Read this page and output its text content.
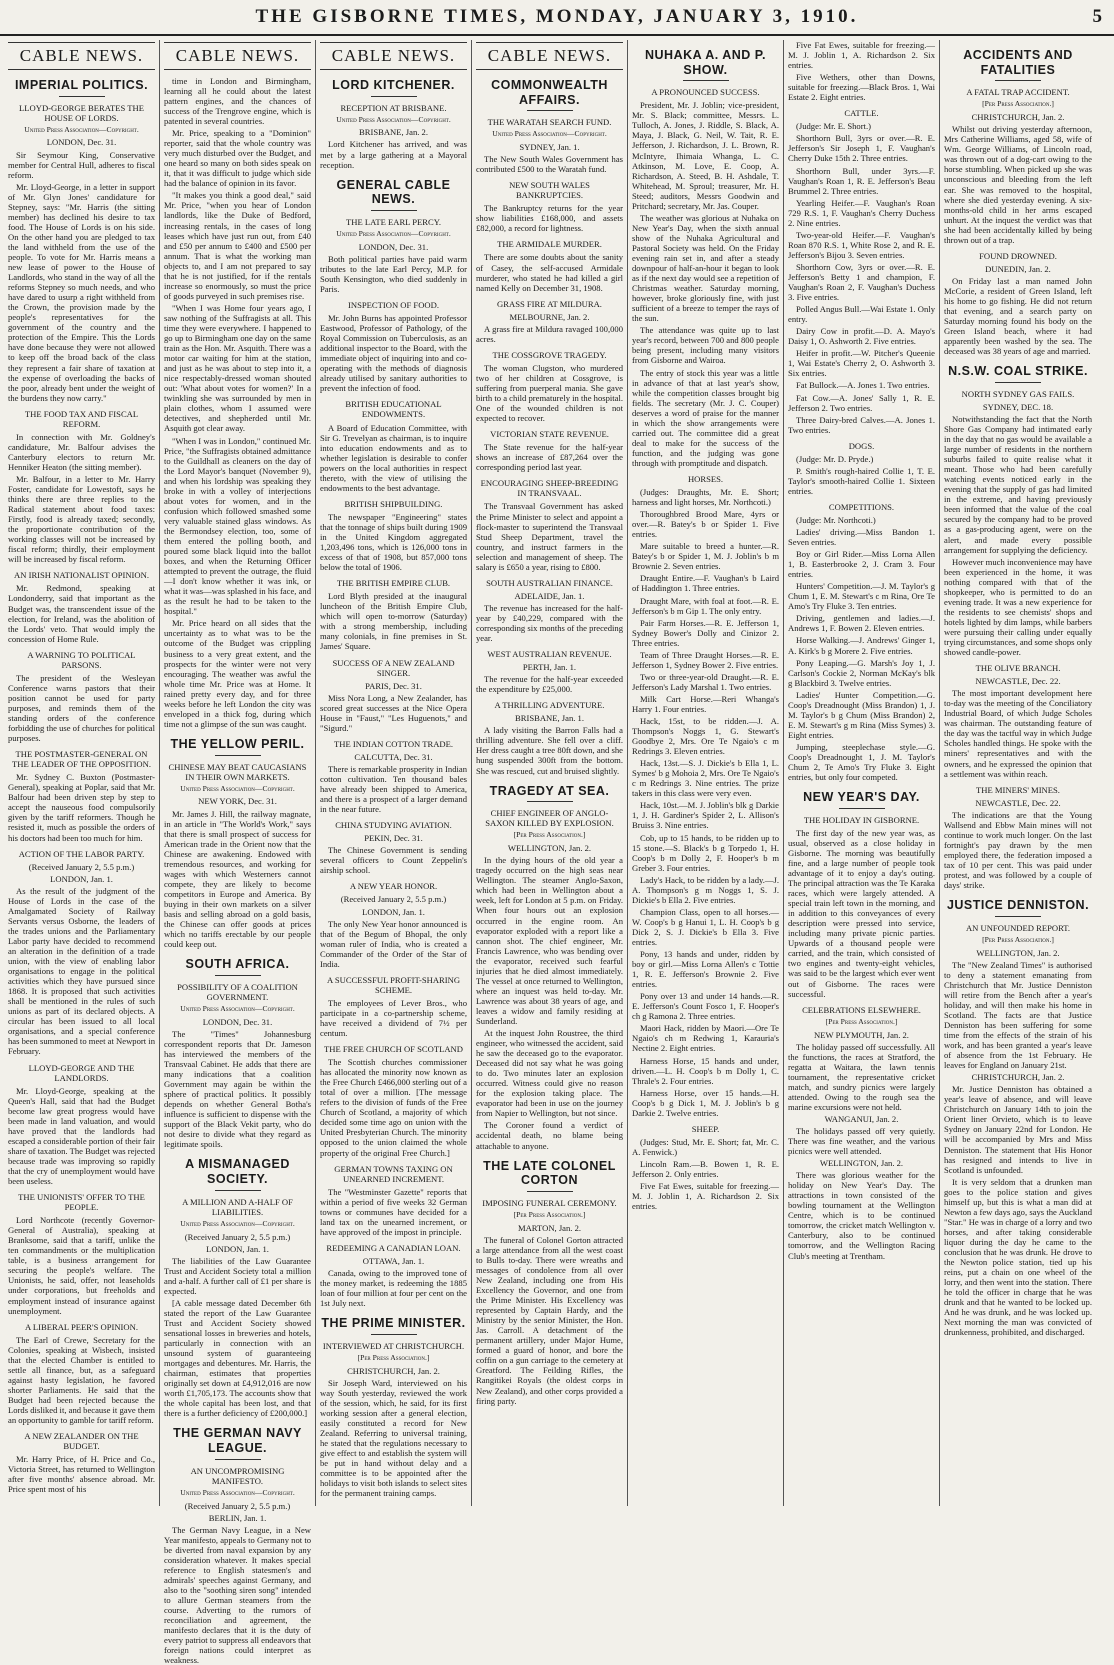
THE GISBORNE TIMES, MONDAY, JANUARY 3, 1910.	5
CABLE NEWS.
IMPERIAL POLITICS.
LLOYD-GEORGE BERATES THE HOUSE OF LORDS.
United Press Association—Copyright.
LONDON, Dec. 31.

Sir Seymour King, Conservative member for Central Hull, adheres to fiscal reform.

Mr. Lloyd-George, in a letter in support of Mr. Glyn Jones' candidature for Stepney, says: "Mr. Harris (the sitting member) has declined his desire to tax food. The House of Lords is on his side. On the other hand you are pledged to tax the land withheld from the use of the people. To vote for Mr. Harris means a new lease of power to the House of Landlords, who stand in the way of all the reforms Stepney so much needs, and who have dared to usurp a right withheld from the Crown, the provision made by the people's representatives for the government of the country and the protection of the Empire. This the Lords have done because they were not allowed to keep off the broad back of the class they represent a fair share of taxation at the expense of overloading the backs of the poor, already bent under the weight of the burdens they now carry."

THE FOOD TAX AND FISCAL REFORM.

In connection with Mr. Goldney's candidature, Mr. Balfour advises the Canterbury electors to return Mr. Henniker Heaton (the sitting member).

Mr. Balfour, in a letter to Mr. Harry Foster, candidate for Lowestoft, says he thinks there are three replies to the Radical statement about food taxes: Firstly, food is already taxed; secondly, the proportionate contribution of the working classes will not be increased by fiscal reform; thirdly, their employment will be increased by fiscal reform.

AN IRISH NATIONALIST OPINION.

Mr. Redmond, speaking at Londonderry, said that important as the Budget was, the transcendent issue of the election, for Ireland, was the abolition of the Lords' veto. That would imply the concession of Home Rule.

A WARNING TO POLITICAL PARSONS.

The president of the Wesleyan Conference warns pastors that their position cannot be used for party purposes, and reminds them of the standing orders of the conference forbidding the use of churches for political purposes.

THE POSTMASTER-GENERAL ON THE LEADER OF THE OPPOSITION.

Mr. Sydney C. Buxton (Postmaster-General), speaking at Poplar, said that Mr. Balfour had been driven step by step to accept the nauseous food compulsorily given by the tariff reformers. Though he resisted it, much as possible the orders of his doctors had been too much for him.

ACTION OF THE LABOR PARTY.
(Received January 2, 5.5 p.m.)
LONDON, Jan. 1.

As the result of the judgment of the House of Lords in the case of the Amalgamated Society of Railway Servants versus Osborne, the leaders of the trades unions and the Parliamentary Labor party have decided to recommend an alteration in the definition of a trade union, with the view of enabling labor organisations to engage in the political activities which they have pursued since 1868. It is proposed that such activities shall be mentioned in the rules of such unions as part of its declared objects. A circular has been issued to all local organisations, and a special conference has been summoned to meet at Newport in February.

LLOYD-GEORGE AND THE LANDLORDS.

Mr. Lloyd-George, speaking at the Queen's Hall, said that had the Budget become law great progress would have been made in land valuation, and would have proved that the landlords had escaped a considerable portion of their fair share of taxation. The Budget was rejected because trade was improving so rapidly that the cry of unemployment would have been useless.

THE UNIONISTS' OFFER TO THE PEOPLE.

Lord Northcote (recently Governor-General of Australia), speaking at Branksome, said that a tariff, unlike the ten commandments or the multiplication table, is a business arrangement for securing the people's welfare. The Unionists, he said, offer, not leaseholds under corporations, but freeholds and employment instead of insurance against unemployment.

A LIBERAL PEER'S OPINION.

The Earl of Crewe, Secretary for the Colonies, speaking at Wisbech, insisted that the elected Chamber is entitled to settle all finance, but, as a safeguard against hasty legislation, he favored shorter Parliaments. He said that the Budget had been rejected because the Lords disliked it, and because it gave them an opportunity to gamble for tariff reform.

A NEW ZEALANDER ON THE BUDGET.

Mr. Harry Price, of H. Price and Co., Victoria Street, has returned to Wellington after five months' absence abroad. Mr. Price spent most of his

CABLE NEWS.

time in London and Birmingham, learning all he could about the latest pattern engines, and the chances of success of the Trengrove engine, which is patented in several countries.

Mr. Price, speaking to a "Dominion" reporter, said that the whole country was very much disturbed over the Budget, and one heard so many on both sides speak on it, that it was difficult to judge which side had the balance of opinion in its favor.

"It makes you think a good deal," said Mr. Price, "when you hear of London landlords, like the Duke of Bedford, increasing rentals, in the cases of long leases which have just run out, from £40 and £50 per annum to £400 and £500 per annum. That is what the working man objects to, and I am not prepared to say that he is not justified, for if the rentals increase so enormously, so must the price of goods purveyed in such premises rise.

"When I was Home four years ago, I saw nothing of the Suffragists at all. This time they were everywhere. I happened to go up to Birmingham one day on the same train as the Hon. Mr. Asquith. There was a motor car waiting for him at the station, and just as he was about to step into it, a nice respectably-dressed woman shouted out: 'What about votes for women?' In a twinkling she was surrounded by men in plain clothes, whom I assumed were detectives, and shepherded until Mr. Asquith got clear away.

"When I was in London," continued Mr. Price, "the Suffragists obtained admittance to the Guildhall as cleaners on the day of the Lord Mayor's banquet (November 9), and when his lordship was speaking they broke in with a volley of interjections about votes for women, and in the confusion which followed smashed some very valuable stained glass windows. As the Bermondsey election, too, some of them entered the polling booth, and poured some black liquid into the ballot boxes, and when the Returning Officer attempted to prevent the outrage, the fluid—I don't know whether it was ink, or what it was—was splashed in his face, and as the result he had to be taken to the hospital."

Mr. Price heard on all sides that the uncertainty as to what was to be the outcome of the Budget was crippling business to a very great extent, and the prospects for the winter were not very encouraging. The weather was awful the whole time Mr. Price was at Home. It rained pretty every day, and for three weeks before he left London the city was enveloped in a thick fog, during which time not a glimpse of the sun was caught.

THE YELLOW PERIL.
CHINESE MAY BEAT CAUCASIANS IN THEIR OWN MARKETS.
United Press Association—Copyright.
NEW YORK, Dec. 31.

Mr. James J. Hill, the railway magnate, in an article in "The World's Work," says that there is small prospect of success for American trade in the Orient now that the Chinese are awakening. Endowed with tremendous resources, and working for wages with which Westerners cannot compete, they are likely to become competitors in Europe and America. By buying in their own markets on a silver basis and selling abroad on a gold basis, the Chinese can offer goods at prices which no tariffs erectable by our people could keep out.

SOUTH AFRICA.
POSSIBILITY OF A COALITION GOVERNMENT.
United Press Association—Copyright.
LONDON, Dec. 31.

The "Times" Johannesburg correspondent reports that Dr. Jameson has interviewed the members of the Transvaal Cabinet. He adds that there are many indications that a coalition Government may again be within the sphere of practical politics. It possibly depends on whether General Botha's influence is sufficient to dispense with the support of the Black Vekit party, who do not desire to divide what they regard as legitimate spoils.

A MISMANAGED SOCIETY.
A MILLION AND A-HALF OF LIABILITIES.
United Press Association—Copyright.
(Received January 2, 5.5 p.m.)
LONDON, Jan. 1.

The liabilities of the Law Guarantee Trust and Accident Society total a million and a-half. A further call of £1 per share is expected.

[A cable message dated December 6th stated the report of the Law Guarantee Trust and Accident Society showed sensational losses in breweries and hotels, particularly in connection with an unsound system of guaranteeing mortgages and debentures. Mr. Harris, the chairman, estimates that properties originally set down at £4,912,016 are now worth £1,705,173. The accounts show that the whole capital has been lost, and that there is a further deficiency of £200,000.]

THE GERMAN NAVY LEAGUE.
AN UNCOMPROMISING MANIFESTO.
United Press Association—Copyright.
(Received January 2, 5.5 p.m.)
BERLIN, Jan. 1.

The German Navy League, in a New Year manifesto, appeals to Germany not to be diverted from naval expansion by any consideration whatever. It makes special reference to English statesmen's and admirals' speeches against Germany, and also to the "soothing siren song" intended to allure German steamers from the course. Adverting to the rumors of reconciliation and agreement, the manifesto declares that it is the duty of every patriot to suppress all endeavors that foreign nations could interpret as weakness.

CABLE NEWS.
LORD KITCHENER.
RECEPTION AT BRISBANE.
United Press Association—Copyright.
BRISBANE, Jan. 2.

Lord Kitchener has arrived, and was met by a large gathering at a Mayoral reception.

GENERAL CABLE NEWS.
THE LATE EARL PERCY.
United Press Association—Copyright.
LONDON, Dec. 31.

Both political parties have paid warm tributes to the late Earl Percy, M.P. for South Kensington, who died suddenly in Paris.

INSPECTION OF FOOD.

Mr. John Burns has appointed Professor Eastwood, Professor of Pathology, of the Royal Commission on Tuberculosis, as an additional inspector to the Board, with the immediate object of inquiring into and co-operating with the methods of diagnosis already utilised by sanitary authorities to prevent the infection of food.

BRITISH EDUCATIONAL ENDOWMENTS.

A Board of Education Committee, with Sir G. Trevelyan as chairman, is to inquire into education endowments and as to whether legislation is desirable to confer powers on the local authorities in respect thereto, with the view of utilising the endowments to the best advantage.

BRITISH SHIPBUILDING.

The newspaper "Engineering" states that the tonnage of ships built during 1909 in the United Kingdom aggregated 1,203,496 tons, which is 126,000 tons in excess of that of 1908, but 857,000 tons below the total of 1906.

THE BRITISH EMPIRE CLUB.

Lord Blyth presided at the inaugural luncheon of the British Empire Club, which will open to-morrow (Saturday) with a strong membership, including many colonials, in fine premises in St. James' Square.

SUCCESS OF A NEW ZEALAND SINGER.
PARIS, Dec. 31.

Miss Nora Long, a New Zealander, has scored great successes at the Nice Opera House in "Faust," "Les Huguenots," and "Sigurd."

THE INDIAN COTTON TRADE.
CALCUTTA, Dec. 31.

There is remarkable prosperity in Indian cotton cultivation. Ten thousand bales have already been shipped to America, and there is a prospect of a larger demand in the near future.

CHINA STUDYING AVIATION.
PEKIN, Dec. 31.

The Chinese Government is sending several officers to Count Zeppelin's airship school.

A NEW YEAR HONOR.
(Received January 2, 5.5 p.m.)
LONDON, Jan. 1.

The only New Year honor announced is that of the Begum of Bhopal, the only woman ruler of India, who is created a Commander of the Order of the Star of India.

A SUCCESSFUL PROFIT-SHARING SCHEME.

The employees of Lever Bros., who participate in a co-partnership scheme, have received a dividend of 7½ per centum.

THE FREE CHURCH OF SCOTLAND

The Scottish churches commissioner has allocated the minority now known as the Free Church £466,000 sterling out of a total of over a million. [The message refers to the division of funds of the Free Church of Scotland, a majority of which decided some time ago on union with the United Presbyterian Church. The minority opposed to the union claimed the whole property of the original Free Church.]

GERMAN TOWNS TAXING ON UNEARNED INCREMENT.

The "Westminster Gazette" reports that within a period of five weeks 32 German towns or communes have decided for a land tax on the unearned increment, or have approved of the impost in principle.

REDEEMING A CANADIAN LOAN.
OTTAWA, Jan. 1.

Canada, owing to the improved tone of the money market, is redeeming the 1885 loan of four million at four per cent on the 1st July next.

THE PRIME MINISTER.
INTERVIEWED AT CHRISTCHURCH.
[Per Press Association.]
CHRISTCHURCH, Jan. 2.

Sir Joseph Ward, interviewed on his way South yesterday, reviewed the work of the session, which, he said, for its first working session after a general election, easily constituted a record for New Zealand. Referring to universal training, he stated that the regulations necessary to give effect to and establish the system will be put in hand without delay and a committee is to be appointed after the holidays to visit both islands to select sites for the permanent training camps.

CABLE NEWS.
COMMONWEALTH AFFAIRS.
THE WARATAH SEARCH FUND.
United Press Association—Copyright.
SYDNEY, Jan. 1.

The New South Wales Government has contributed £500 to the Waratah fund.

NEW SOUTH WALES BANKRUPTCIES.

The Bankruptcy returns for the year show liabilities £168,000, and assets £82,000, a record for lightness.

THE ARMIDALE MURDER.

There are some doubts about the sanity of Casey, the self-accused Armidale murderer, who stated he had killed a girl named Kelly on December 31, 1908.

GRASS FIRE AT MILDURA.
MELBOURNE, Jan. 2.

A grass fire at Mildura ravaged 100,000 acres.

THE COSSGROVE TRAGEDY.

The woman Clugston, who murdered two of her children at Cossgrove, is suffering from puerperal mania. She gave birth to a child prematurely in the hospital. One of the wounded children is not expected to recover.

VICTORIAN STATE REVENUE.

The State revenue for the half-year shows an increase of £87,264 over the corresponding period last year.

ENCOURAGING SHEEP-BREEDING IN TRANSVAAL.

The Transvaal Government has asked the Prime Minister to select and appoint a flock-master to superintend the Transvaal Stud Sheep Department, travel the country, and instruct farmers in the selection and management of sheep. The salary is £650 a year, rising to £800.

SOUTH AUSTRALIAN FINANCE.
ADELAIDE, Jan. 1.

The revenue has increased for the half-year by £40,229, compared with the corresponding six months of the preceding year.

WEST AUSTRALIAN REVENUE.
PERTH, Jan. 1.

The revenue for the half-year exceeded the expenditure by £25,000.

A THRILLING ADVENTURE.
BRISBANE, Jan. 1.

A lady visiting the Barron Falls had a thrilling adventure. She fell over a cliff. Her dress caught a tree 80ft down, and she hung suspended 300ft from the bottom. She was rescued, cut and bruised slightly.

TRAGEDY AT SEA.
CHIEF ENGINEER OF ANGLO-SAXON KILLED BY EXPLOSION.
[Per Press Association.]
WELLINGTON, Jan. 2.

In the dying hours of the old year a tragedy occurred on the high seas near Wellington. The steamer Anglo-Saxon, which had been in Wellington about a week, left for London at 5 p.m. on Friday. When four hours out an explosion occurred in the engine room. An evaporator exploded with a report like a cannon shot. The chief engineer, Mr. Francis Lawrence, who was bending over the evaporator, received such fearful injuries that he died almost immediately. The vessel at once returned to Wellington, where an inquest was held to-day. Mr. Lawrence was about 38 years of age, and leaves a widow and family residing at Sunderland.

At the inquest John Roustree, the third engineer, who witnessed the accident, said he saw the deceased go to the evaporator. Deceased did not say what he was going to do. Two minutes later an explosion occurred. Witness could give no reason for the explosion taking place. The evaporator had been in use on the journey from Napier to Wellington, but not since.

The Coroner found a verdict of accidental death, no blame being attachable to anyone.

THE LATE COLONEL CORTON
IMPOSING FUNERAL CEREMONY.
[Per Press Association.]
MARTON, Jan. 2.

The funeral of Colonel Gorton attracted a large attendance from all the west coast to Bulls to-day. There were wreaths and messages of condolence from all over New Zealand, including one from His Excellency the Governor, and one from the Prime Minister. His Excellency was represented by Captain Hardy, and the Ministry by the senior Minister, the Hon. Jas. Carroll. A detachment of the permanent artillery, under Major Hume, formed a guard of honor, and bore the coffin on a gun carriage to the cemetery at Greatford. The Feilding Rifles, the Rangitikei Royals (the oldest corps in New Zealand), and other corps provided a firing party.

NUHAKA A. AND P. SHOW.
A PRONOUNCED SUCCESS.

President, Mr. J. Joblin; vice-president, Mr. S. Black; committee, Messrs. L. Tulloch, A. Jones, J. Riddle, S. Black, A. Maya, J. Black, G. Neil, W. Tait, R. E. Jefferson, J. Richardson, J. L. Brown, R. McIntyre, Ihimaia Whanga, L. C. Atkinson, M. Love, E. Coop, A. Richardson, A. Steed, B. H. Ashdale, T. Whitehead, M. Sproul; treasurer, Mr. H. Steed; auditors, Messrs Goodwin and Pritchard; secretary, Mr. Jas. Couper.

The weather was glorious at Nuhaka on New Year's Day, when the sixth annual show of the Nuhaka Agricultural and Pastoral Society was held. On the Friday evening rain set in, and after a steady downpour of half-an-hour it began to look as if the next day would see a repetition of Christmas weather. Saturday morning, however, broke gloriously fine, with just sufficient of a breeze to temper the rays of the sun.

The attendance was quite up to last year's record, between 700 and 800 people being present, including many visitors from Gisborne and Wairoa.

The entry of stock this year was a little in advance of that at last year's show, while the competition classes brought big fields. The secretary (Mr. J. C. Couper) deserves a word of praise for the manner in which the show arrangements were carried out. The committee did a great deal to make for the success of the function, and the judging was gone through with promptitude and dispatch.

HORSES.

(Judges: Draughts, Mr. E. Short; harness and light horses, Mr. Northcoti.)

Thoroughbred Brood Mare, 4yrs or over.—R. Batey's b or Spider 1. Five entries.

Mare suitable to breed a hunter.—R. Batey's b or Spider 1, M. J. Joblin's b m Brownie 2. Seven entries.

Draught Entire.—F. Vaughan's b Laird of Haddington 1. Three entries.

Draught Mare, with foal at foot.—R. E. Jefferson's b m Gip 1. The only entry.

Pair Farm Horses.—R. E. Jefferson 1, Sydney Bower's Dolly and Cinizor 2. Three entries.

Team of Three Draught Horses.—R. E. Jefferson 1, Sydney Bower 2. Five entries.

Two or three-year-old Draught.—R. E. Jefferson's Lady Marshal 1. Two entries.

Milk Cart Horse.—Reri Whanga's Harry 1. Four entries.

Hack, 15st, to be ridden.—J. A. Thompson's Noggs 1, G. Stewart's Goodbye 2, Mrs. Ore Te Ngaio's c m Redrings 3. Eleven entries.

Hack, 13st.—S. J. Dickie's b Ella 1, L. Symes' b g Mohoia 2, Mrs. Ore Te Ngaio's c m Redrings 3. Nine entries. The prize takers in this class were very even.

Hack, 10st.—M. J. Joblin's blk g Darkie 1, J. H. Gardiner's Spider 2, L. Allison's Bruiss 3. Nine entries.

Cob, up to 15 hands, to be ridden up to 15 stone.—S. Black's b g Torpedo 1, H. Coop's b m Dolly 2, F. Hooper's b m Greber 3. Four entries.

Lady's Hack, to be ridden by a lady.—J. A. Thompson's g m Noggs 1, S. J. Dickie's b Ella 2. Five entries.

Champion Class, open to all horses.—W. Coop's b g Hanui 1, L. H. Coop's b g Dick 2, S. J. Dickie's b Ella 3. Five entries.

Pony, 13 hands and under, ridden by boy or girl.—Miss Lorna Allen's c Tottie 1, R. E. Jefferson's Brownie 2. Five entries.

Pony over 13 and under 14 hands.—R. E. Jefferson's Count Fosco 1, F. Hooper's ch g Ramona 2. Three entries.

Maori Hack, ridden by Maori.—Ore Te Ngaio's ch m Redwing 1, Karauria's Nectine 2. Eight entries.

Harness Horse, 15 hands and under, driven.—L. H. Coop's b m Dolly 1, C. Thrale's 2. Four entries.

Harness Horse, over 15 hands.—H. Coop's b g Dick 1, M. J. Joblin's b g Darkie 2. Twelve entries.

SHEEP.

(Judges: Stud, Mr. E. Short; fat, Mr. C. A. Fenwick.)

Lincoln Ram.—B. Bowen 1, R. E. Jefferson 2. Only entries.

Five Fat Ewes, suitable for freezing.—M. J. Joblin 1, A. Richardson 2. Six entries.

Five Fat Ewes, suitable for freezing.—M. J. Joblin 1, A. Richardson 2. Six entries.

Five Wethers, other than Downs, suitable for freezing.—Black Bros. 1, Wai Estate 2. Eight entries.

CATTLE.

(Judge: Mr. E. Short.)

Shorthorn Bull, 3yrs or over.—R. E. Jefferson's Sir Joseph 1, F. Vaughan's Cherry Duke 15th 2. Three entries.

Shorthorn Bull, under 3yrs.—F. Vaughan's Roan 1, R. E. Jefferson's Beau Brummel 2. Three entries.

Yearling Heifer.—F. Vaughan's Roan 729 R.S. 1, F. Vaughan's Cherry Duchess 2. Nine entries.

Two-year-old Heifer.—F. Vaughan's Roan 870 R.S. 1, White Rose 2, and R. E. Jefferson's Bijou 3. Seven entries.

Shorthorn Cow, 3yrs or over.—R. E. Jefferson's Betty 1 and champion, F. Vaughan's Roan 2, F. Vaughan's Duchess 3. Five entries.

Polled Angus Bull.—Wai Estate 1. Only entry.

Dairy Cow in profit.—D. A. Mayo's Daisy 1, O. Ashworth 2. Five entries.

Heifer in profit.—W. Pitcher's Queenie 1, Wai Estate's Cherry 2, O. Ashworth 3. Six entries.

Fat Bullock.—A. Jones 1. Two entries.

Fat Cow.—A. Jones' Sally 1, R. E. Jefferson 2. Two entries.

Three Dairy-bred Calves.—A. Jones 1. Two entries.

DOGS.

(Judge: Mr. D. Pryde.)

P. Smith's rough-haired Collie 1, T. E. Taylor's smooth-haired Collie 1. Sixteen entries.

COMPETITIONS.

(Judge: Mr. Northcoti.)

Ladies' driving.—Miss Bandon 1. Seven entries.

Boy or Girl Rider.—Miss Lorna Allen 1, B. Easterbrooke 2, J. Cram 3. Four entries.

Hunters' Competition.—J. M. Taylor's g Chum 1, E. M. Stewart's c m Rina, Ore Te Amo's Try Fluke 3. Ten entries.

Driving, gentlemen and ladies.—J. Andrews 1, F. Bowen 2. Eleven entries.

Horse Walking.—J. Andrews' Ginger 1, A. Kirk's b g Morere 2. Five entries.

Pony Leaping.—G. Marsh's Joy 1, J. Carlson's Cockie 2, Norman McKay's blk g Blackbird 3. Twelve entries.

Ladies' Hunter Competition.—G. Coop's Dreadnought (Miss Brandon) 1, J. M. Taylor's b g Chum (Miss Brandon) 2, E. M. Stewart's g m Rina (Miss Symes) 3. Eight entries.

Jumping, steeplechase style.—G. Coop's Dreadnought 1, J. M. Taylor's Chum 2, Te Amo's Try Fluke 3. Eight entries, but only four competed.

NEW YEAR'S DAY.
THE HOLIDAY IN GISBORNE.

The first day of the new year was, as usual, observed as a close holiday in Gisborne. The morning was beautifully fine, and a large number of people took advantage of it to enjoy a day's outing. The principal attraction was the Te Karaka races, which were largely attended. A special train left town in the morning, and in addition to this conveyances of every description were pressed into service, including many private picnic parties. Upwards of a thousand people were carried, and the train, which consisted of two engines and twenty-eight vehicles, was said to be the largest which ever went out of Gisborne. The races were successful.

CELEBRATIONS ELSEWHERE.
[Per Press Association.]
NEW PLYMOUTH, Jan. 2.

The holiday passed off successfully. All the functions, the races at Stratford, the regatta at Waitara, the lawn tennis tournament, the representative cricket match, and sundry picnics were largely attended. Owing to the rough sea the marine excursions were not held.

WANGANUI, Jan. 2.

The holidays passed off very quietly. There was fine weather, and the various picnics were well attended.

WELLINGTON, Jan. 2.

There was glorious weather for the holiday on New Year's Day. The attractions in town consisted of the bowling tournament at the Wellington Centre, which is to be continued tomorrow, the cricket match Wellington v. Canterbury, also to be continued tomorrow, and the Wellington Racing Club's meeting at Trentham.

ACCIDENTS AND FATALITIES
A FATAL TRAP ACCIDENT.
[Per Press Association.]
CHRISTCHURCH, Jan. 2.

Whilst out driving yesterday afternoon, Mrs Catherine Williams, aged 58, wife of Wm. George Williams, of Lincoln road, was thrown out of a dog-cart owing to the horse stumbling. When picked up she was unconscious and bleeding from the left ear. She was removed to the hospital, where she died yesterday evening. A six-months-old child in her arms escaped unhurt. At the inquest the verdict was that she had been accidentally killed by being thrown out of a trap.

FOUND DROWNED.
DUNEDIN, Jan. 2.

On Friday last a man named John McCorie, a resident of Green Island, left his home to go fishing. He did not return that evening, and a search party on Saturday morning found his body on the Green Island beach, where it had apparently been washed by the sea. The deceased was 38 years of age and married.

N.S.W. COAL STRIKE.
NORTH SYDNEY GAS FAILS.
SYDNEY, DEC. 18.

Notwithstanding the fact that the North Shore Gas Company had intimated early in the day that no gas would be available a large number of residents in the northern suburbs failed to quite realise what it meant. Those who had been carefully watching events noticed early in the evening that the supply of gas had limited in the extreme, and having previously been informed that the value of the coal secured by the company had to be proved as a gas-producing agent, were on the alert, and made every possible arrangement for supplying the deficiency.

However much inconvenience may have been experienced in the home, it was nothing compared with that of the shopkeeper, who is permitted to do an evening trade. It was a new experience for the residents to see chemists' shops and hotels lighted by dim lamps, while barbers were pursuing their calling under equally trying circumstances, and some shops only showed candle-power.

THE OLIVE BRANCH.
NEWCASTLE, Dec. 22.

The most important development here to-day was the meeting of the Conciliatory Industrial Board, of which Judge Scholes was chairman. The outstanding feature of the day was the tactful way in which Judge Scholes handled things. He spoke with the miners' representatives and with the owners, and he expressed the opinion that a settlement was within reach.

THE MINERS' MINES.
NEWCASTLE, Dec. 22.

The indications are that the Young Wallsend and Ebbw Main mines will not continue to work much longer. On the last fortnight's pay drawn by the men employed there, the federation imposed a tax of 10 per cent. This was paid under protest, and was followed by a couple of days' strike.

JUSTICE DENNISTON.
AN UNFOUNDED REPORT.
[Per Press Association.]
WELLINGTON, Jan. 2.

The "New Zealand Times" is authorised to deny a statement emanating from Christchurch that Mr. Justice Denniston will retire from the Bench after a year's holiday, and will then make his home in Scotland. The facts are that Justice Denniston has been suffering for some time from the effects of the strain of his work, and has been granted a year's leave of absence from the 1st February. He leaves for England on January 21st.

CHRISTCHURCH, Jan. 2.

Mr. Justice Denniston has obtained a year's leave of absence, and will leave Christchurch on January 14th to join the Orient liner Orvieto, which is to leave Sydney on January 22nd for London. He will be accompanied by Mrs and Miss Denniston. The statement that His Honor has resigned and intends to live in Scotland is unfounded.

It is very seldom that a drunken man goes to the police station and gives himself up, but this is what a man did at Newton a few days ago, says the Auckland "Star." He was in charge of a lorry and two horses, and after taking considerable liquor during the day he came to the conclusion that he was drunk. He drove to the Newton police station, tied up his reins, put a chain on one wheel of the lorry, and then went into the station. There he told the officer in charge that he was drunk and that he wanted to be locked up. And he was drunk, and he was locked up. Next morning the man was convicted of drunkenness, prohibited, and discharged.
